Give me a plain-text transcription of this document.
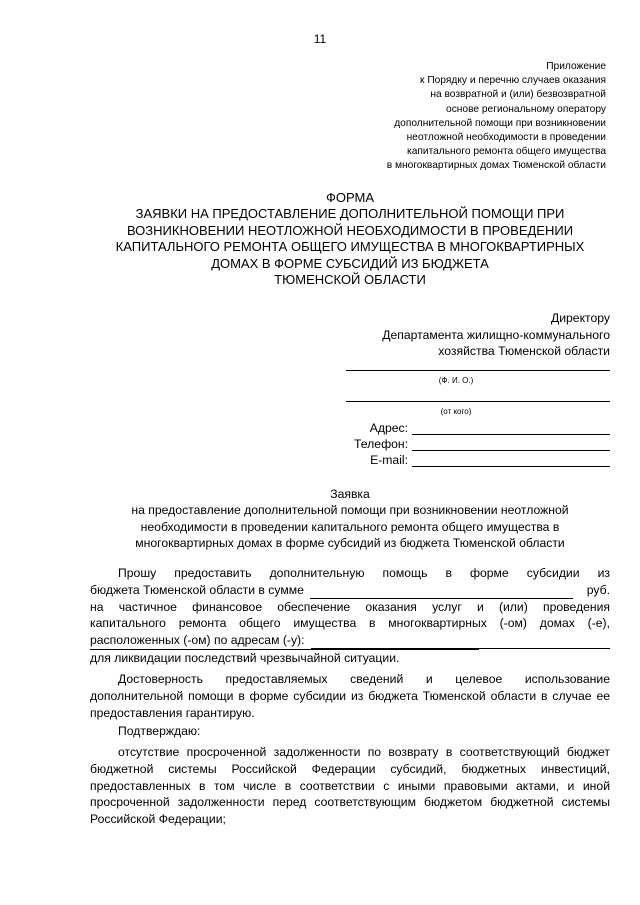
11
Приложение
к Порядку и перечню случаев оказания
на возвратной и (или) безвозвратной
основе региональному оператору
дополнительной помощи при возникновении
неотложной необходимости в проведении
капитального ремонта общего имущества
в многоквартирных домах Тюменской области
ФОРМА
ЗАЯВКИ НА ПРЕДОСТАВЛЕНИЕ ДОПОЛНИТЕЛЬНОЙ ПОМОЩИ ПРИ
ВОЗНИКНОВЕНИИ НЕОТЛОЖНОЙ НЕОБХОДИМОСТИ В ПРОВЕДЕНИИ
КАПИТАЛЬНОГО РЕМОНТА ОБЩЕГО ИМУЩЕСТВА В МНОГОКВАРТИРНЫХ
ДОМАХ В ФОРМЕ СУБСИДИЙ ИЗ БЮДЖЕТА
ТЮМЕНСКОЙ ОБЛАСТИ
Директору
Департамента жилищно-коммунального
хозяйства Тюменской области
(Ф. И. О.)
(от кого)
Адрес:
Телефон:
E-mail:
Заявка
на предоставление дополнительной помощи при возникновении неотложной
необходимости в проведении капитального ремонта общего имущества в
многоквартирных домах в форме субсидий из бюджета Тюменской области
Прошу предоставить дополнительную помощь в форме субсидии из
бюджета Тюменской области в сумме	руб.
на частичное финансовое обеспечение оказания услуг и (или) проведения
капитального ремонта общего имущества в многоквартирных (-ом) домах (-е),
расположенных (-ом) по адресам (-у):
для ликвидации последствий чрезвычайной ситуации.

Достоверность предоставляемых сведений и целевое использование дополнительной помощи в форме субсидии из бюджета Тюменской области в случае ее предоставления гарантирую.

Подтверждаю:

отсутствие просроченной задолженности по возврату в соответствующий бюджет бюджетной системы Российской Федерации субсидий, бюджетных инвестиций, предоставленных в том числе в соответствии с иными правовыми актами, и иной просроченной задолженности перед соответствующим бюджетом бюджетной системы Российской Федерации;
